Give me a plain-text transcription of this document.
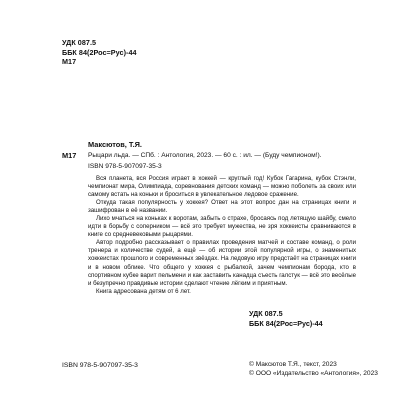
УДК 087.5
ББК 84(2Рос=Рус)-44
М17
Максютов, Т.Я.
М17 Рыцари льда. — СПб. : Антология, 2023. — 60 с. : ил. — (Буду чемпионом!).
ISBN 978-5-907097-35-3

Вся планета, вся Россия играет в хоккей — круглый год! Кубок Гагарина, кубок Стэнли, чемпионат мира, Олимпиада, соревнования детских команд — можно поболеть за своих или самому встать на коньки и броситься в увлекательное ледовое сражение.

Откуда такая популярность у хоккея? Ответ на этот вопрос дан на страницах книги и зашифрован в её названии.

Лихо мчаться на коньках к воротам, забыть о страхе, бросаясь под летящую шайбу, смело идти в борьбу с соперником — всё это требует мужества, не зря хоккеисты сравниваются в книге со средневековыми рыцарями.

Автор подробно рассказывает о правилах проведения матчей и составе команд, о роли тренера и количестве судей, а ещё — об истории этой популярной игры, о знаменитых хоккеистах прошлого и современных звёздах. На ледовую игру предстаёт на страницах книги и в новом облике. Что общего у хоккея с рыбалкой, зачем чемпионам борода, кто в спортивном кубке варит пельмени и как заставить канадца съесть галстук — всё это весёлые и безупречно правдивые истории сделают чтение лёгким и приятным.

Книга адресована детям от 6 лет.

УДК 087.5
ББК 84(2Рос=Рус)-44
ISBN 978-5-907097-35-3	© Максютов Т.Я., текст, 2023
© ООО «Издательство «Антология», 2023
